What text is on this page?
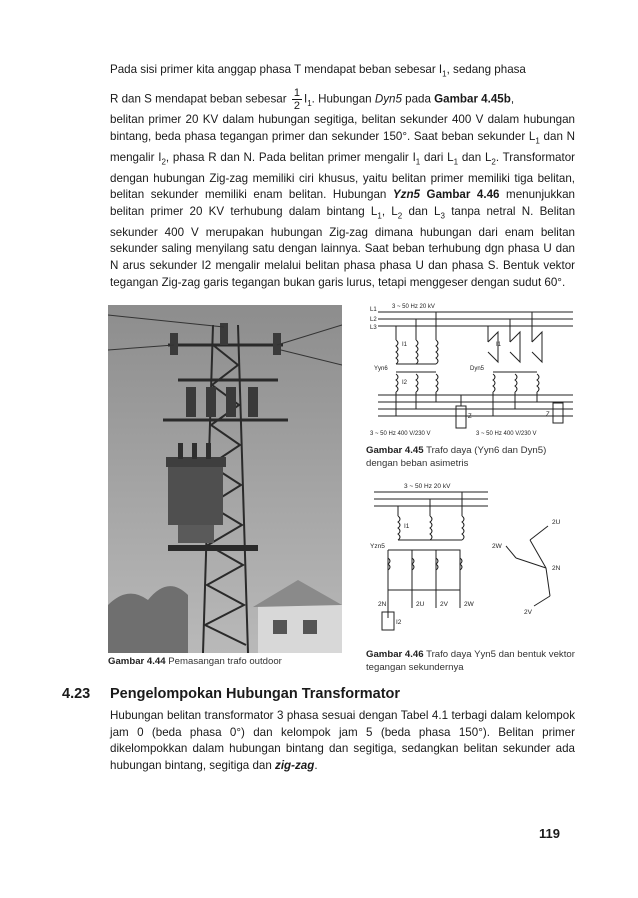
Pada sisi primer kita anggap phasa T mendapat beban sebesar $I_1$, sedang phasa

R dan S mendapat beban sebesar $\frac{1}{2} I_1$. Hubungan Dyn5 pada Gambar 4.45b,

belitan primer 20 KV dalam hubungan segitiga, belitan sekunder 400 V dalam hubungan bintang, beda phasa tegangan primer dan sekunder 150°. Saat beban sekunder $L_1$ dan N mengalir $I_2$, phasa R dan N. Pada belitan primer mengalir $I_1$ dari $L_1$ dan $L_2$. Transformator dengan hubungan Zig-zag memiliki ciri khusus, yaitu belitan primer memiliki tiga belitan, belitan sekunder memiliki enam belitan. Hubungan Yzn5 Gambar 4.46 menunjukkan belitan primer 20 KV terhubung dalam bintang $L_1$, $L_2$ dan $L_3$ tanpa netral N. Belitan sekunder 400 V merupakan hubungan Zig-zag dimana hubungan dari enam belitan sekunder saling menyilang satu dengan lainnya. Saat beban terhubung dgn phasa U dan N arus sekunder I2 mengalir melalui belitan phasa phasa U dan phasa S. Bentuk vektor tegangan Zig-zag garis tegangan bukan garis lurus, tetapi menggeser dengan sudut 60°.

Gambar 4.44 Pemasangan trafo outdoor
L1
L2
L3
3 ~ 50 Hz 20 kV
Yyn6	Dyn5
I1
I2
I1
Z	Z
3 ~ 50 Hz 400 V/230 V	3 ~ 50 Hz 400 V/230 V
Gambar 4.45 Trafo daya (Yyn6 dan Dyn5) dengan beban asimetris
3 ~ 50 Hz 20 kV
Yzn5
I1
I2
2N	2U 2V 2W
2U
2N
2W
2V
Gambar 4.46 Trafo daya Yyn5 dan bentuk vektor tegangan sekundernya
4.23 Pengelompokan Hubungan Transformator

Hubungan belitan transformator 3 phasa sesuai dengan Tabel 4.1 terbagi dalam kelompok jam 0 (beda phasa 0°) dan kelompok jam 5 (beda phasa 150°). Belitan primer dikelompokkan dalam hubungan bintang dan segitiga, sedangkan belitan sekunder ada hubungan bintang, segitiga dan zig-zag.

119
